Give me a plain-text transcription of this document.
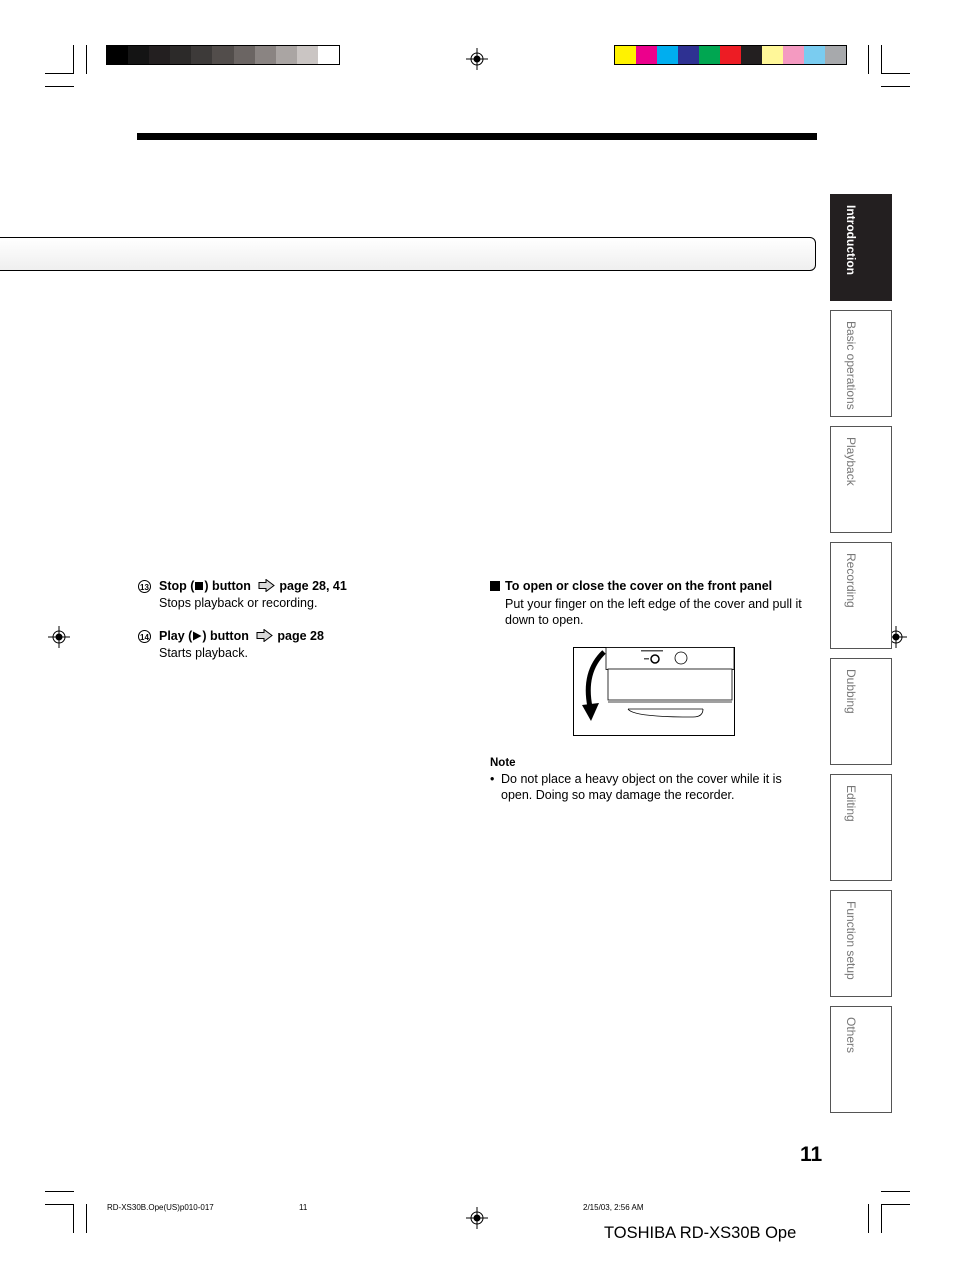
Introduction
Basic operations
Playback
Recording
Dubbing
Editing
Function setup
Others
13 Stop ( ) button page 28, 41
Stops playback or recording.
14 Play ( ) button page 28
Starts playback.
To open or close the cover on the front panel
Put your finger on the left edge of the cover and pull it down to open.
Note
• Do not place a heavy object on the cover while it is open. Doing so may damage the recorder.
11
RD-XS30B.Ope(US)p010-017	11	2/15/03, 2:56 AM
TOSHIBA RD-XS30B Ope
